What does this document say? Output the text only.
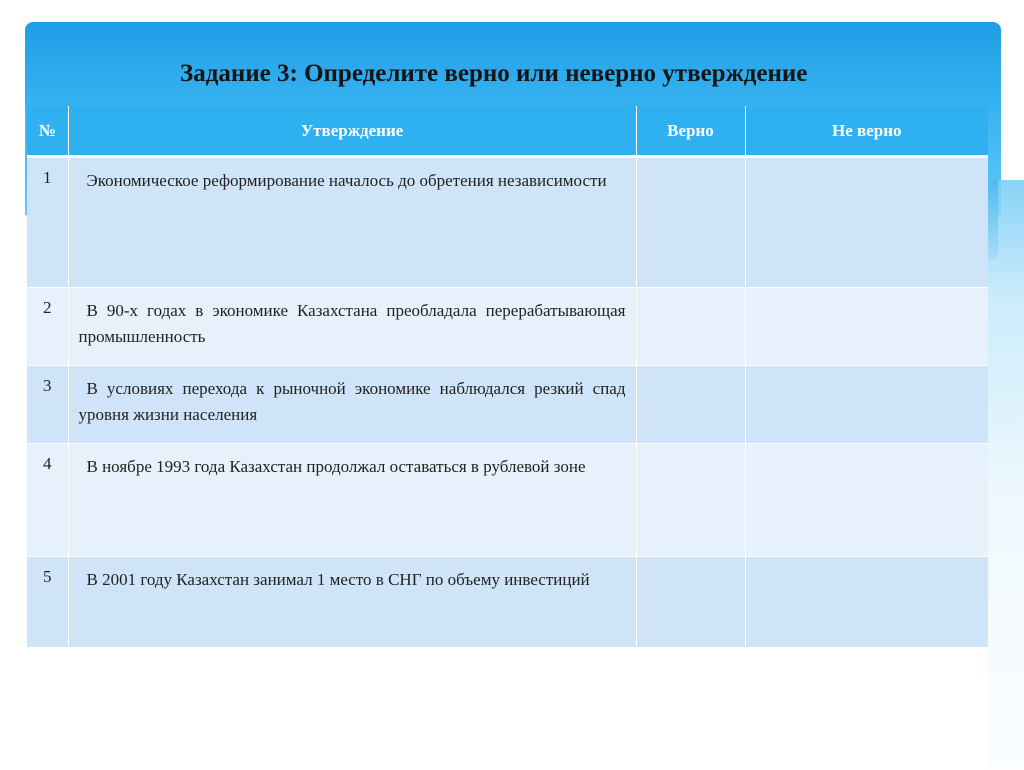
Задание 3: Определите верно или неверно утверждение
№	Утверждение	Верно	Не верно
1	Экономическое реформирование началось до обретения независимости		
2	В 90-х годах в экономике Казахстана преобладала перерабатывающая промышленность		
3	В условиях перехода к рыночной экономике наблюдался резкий спад уровня жизни населения		
4	В ноябре 1993 года Казахстан продолжал оставаться в рублевой зоне		
5	В 2001 году Казахстан занимал 1 место в СНГ по объему инвестиций		
